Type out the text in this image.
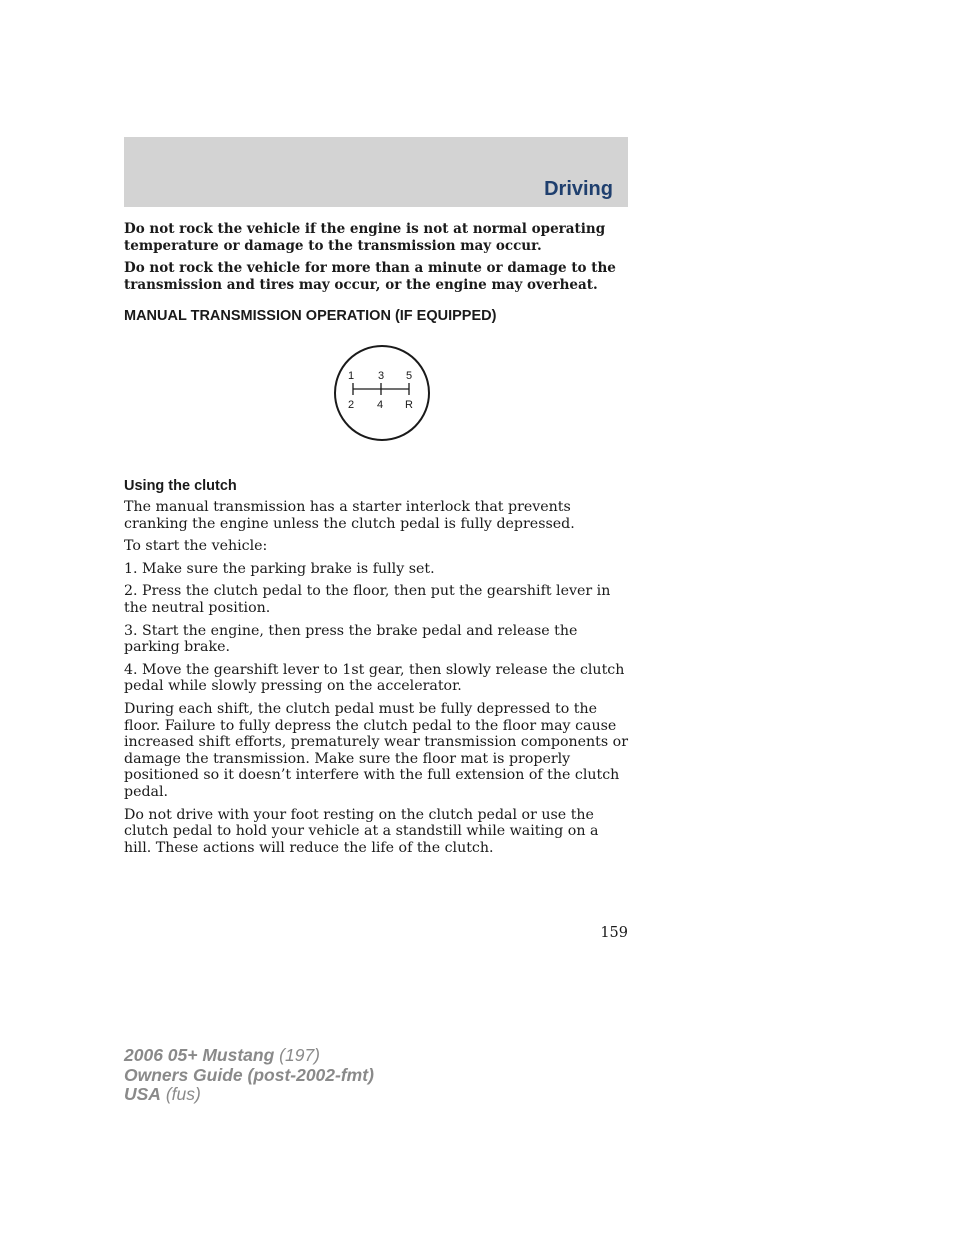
Driving

Do not rock the vehicle if the engine is not at normal operating temperature or damage to the transmission may occur.

Do not rock the vehicle for more than a minute or damage to the transmission and tires may occur, or the engine may overheat.

MANUAL TRANSMISSION OPERATION (IF EQUIPPED)
1 3 5
2 4 R
Using the clutch

The manual transmission has a starter interlock that prevents cranking the engine unless the clutch pedal is fully depressed.

To start the vehicle:

1. Make sure the parking brake is fully set.

2. Press the clutch pedal to the floor, then put the gearshift lever in the neutral position.

3. Start the engine, then press the brake pedal and release the parking brake.

4. Move the gearshift lever to 1st gear, then slowly release the clutch pedal while slowly pressing on the accelerator.

During each shift, the clutch pedal must be fully depressed to the floor. Failure to fully depress the clutch pedal to the floor may cause increased shift efforts, prematurely wear transmission components or damage the transmission. Make sure the floor mat is properly positioned so it doesn’t interfere with the full extension of the clutch pedal.

Do not drive with your foot resting on the clutch pedal or use the clutch pedal to hold your vehicle at a standstill while waiting on a hill. These actions will reduce the life of the clutch.

159

2006 05+ Mustang (197)
Owners Guide (post-2002-fmt)
USA (fus)
